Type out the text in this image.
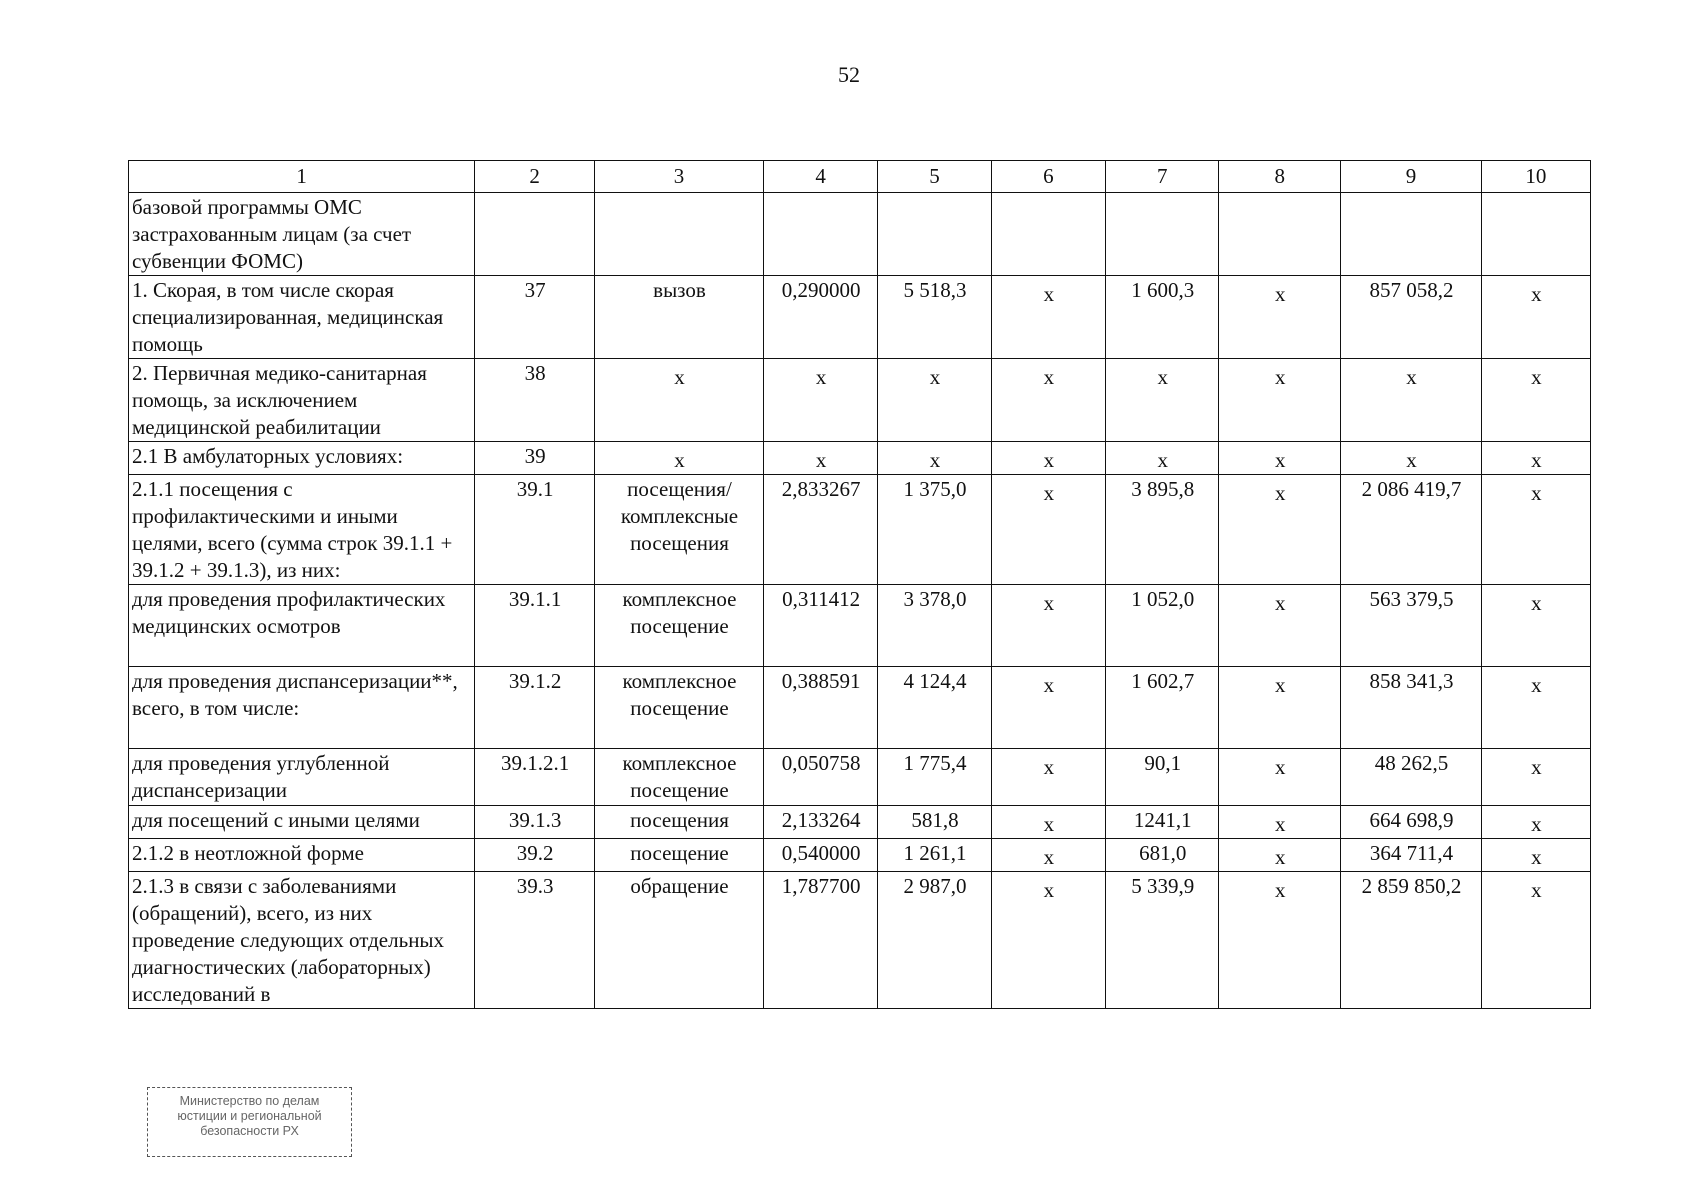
52
1	2	3	4	5	6	7	8	9	10
базовой программы ОМС застрахованным лицам (за счет субвенции ФОМС)									
1. Скорая, в том числе скорая специализированная, медицинская помощь	37	вызов	0,290000	5 518,3	х	1 600,3	х	857 058,2	х
2. Первичная медико-санитарная помощь, за исключением медицинской реабилитации	38	х	х	х	х	х	х	х	х
2.1 В амбулаторных условиях:	39	х	х	х	х	х	х	х	х
2.1.1 посещения с профилактическими и иными целями, всего (сумма строк 39.1.1 + 39.1.2 + 39.1.3), из них:	39.1	посещения/ комплексные посещения	2,833267	1 375,0	х	3 895,8	х	2 086 419,7	х
для проведения профилактических медицинских осмотров	39.1.1	комплексное посещение	0,311412	3 378,0	х	1 052,0	х	563 379,5	х
для проведения диспансеризации**, всего, в том числе:	39.1.2	комплексное посещение	0,388591	4 124,4	х	1 602,7	х	858 341,3	х
для проведения углубленной диспансеризации	39.1.2.1	комплексное посещение	0,050758	1 775,4	х	90,1	х	48 262,5	х
для посещений с иными целями	39.1.3	посещения	2,133264	581,8	х	1241,1	х	664 698,9	х
2.1.2 в неотложной форме	39.2	посещение	0,540000	1 261,1	х	681,0	х	364 711,4	х
2.1.3 в связи с заболеваниями (обращений), всего, из них проведение следующих отдельных диагностических (лабораторных) исследований в	39.3	обращение	1,787700	2 987,0	х	5 339,9	х	2 859 850,2	х
Министерство по делам
юстиции и региональной
безопасности РХ
